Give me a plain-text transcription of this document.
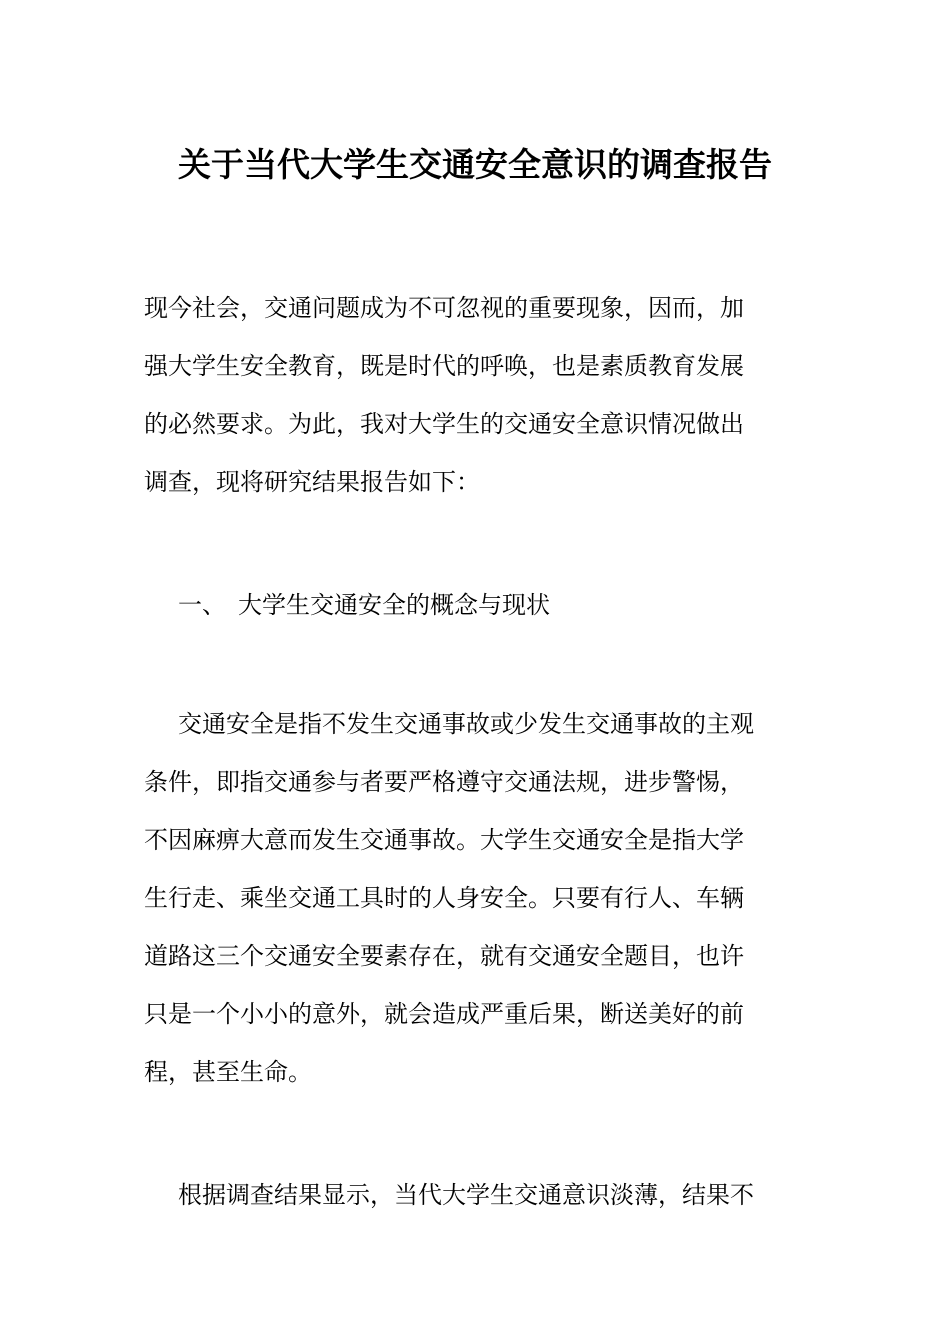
关于当代大学生交通安全意识的调查报告
现今社会，交通问题成为不可忽视的重要现象，因而，加
强大学生安全教育，既是时代的呼唤，也是素质教育发展
的必然要求。为此，我对大学生的交通安全意识情况做出
调查，现将研究结果报告如下：
一、　大学生交通安全的概念与现状
交通安全是指不发生交通事故或少发生交通事故的主观
条件，即指交通参与者要严格遵守交通法规，进步警惕，
不因麻痹大意而发生交通事故。大学生交通安全是指大学
生行走、乘坐交通工具时的人身安全。只要有行人、车辆
道路这三个交通安全要素存在，就有交通安全题目，也许
只是一个小小的意外，就会造成严重后果，断送美好的前
程，甚至生命。
根据调查结果显示，当代大学生交通意识淡薄，结果不
